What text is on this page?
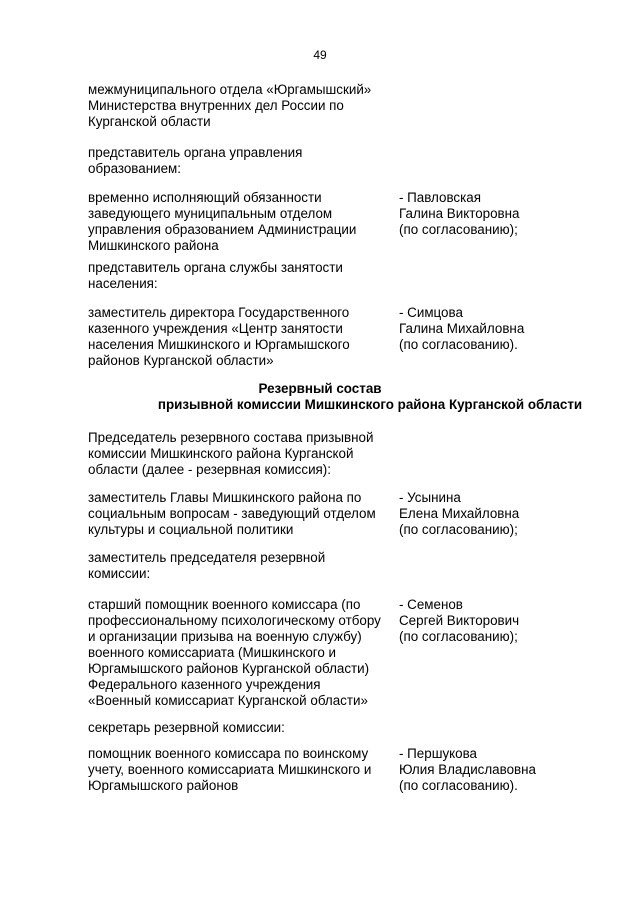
49
межмуниципального отдела «Юргамышский»
Министерства внутренних дел России по
Курганской области
представитель органа управления
образованием:
временно исполняющий обязанности
заведующего муниципальным отделом
управления образованием Администрации
Мишкинского района
- Павловская
Галина Викторовна
(по согласованию);
представитель органа службы занятости
населения:
заместитель директора Государственного
казенного учреждения «Центр занятости
населения Мишкинского и Юргамышского
районов Курганской области»
- Симцова
Галина Михайловна
(по согласованию).
Резервный состав
призывной комиссии Мишкинского района Курганской области
Председатель резервного состава призывной
комиссии Мишкинского района Курганской
области (далее - резервная комиссия):
заместитель Главы Мишкинского района по
социальным вопросам - заведующий отделом
культуры и социальной политики
- Усынина
Елена Михайловна
(по согласованию);
заместитель председателя резервной
комиссии:
старший помощник военного комиссара (по
профессиональному психологическому отбору
и организации призыва на военную службу)
военного комиссариата (Мишкинского и
Юргамышского районов Курганской области)
Федерального казенного учреждения
«Военный комиссариат Курганской области»
- Семенов
Сергей Викторович
(по согласованию);
секретарь резервной комиссии:
помощник военного комиссара по воинскому
учету, военного комиссариата Мишкинского и
Юргамышского районов
- Першукова
Юлия Владиславовна
(по согласованию).
